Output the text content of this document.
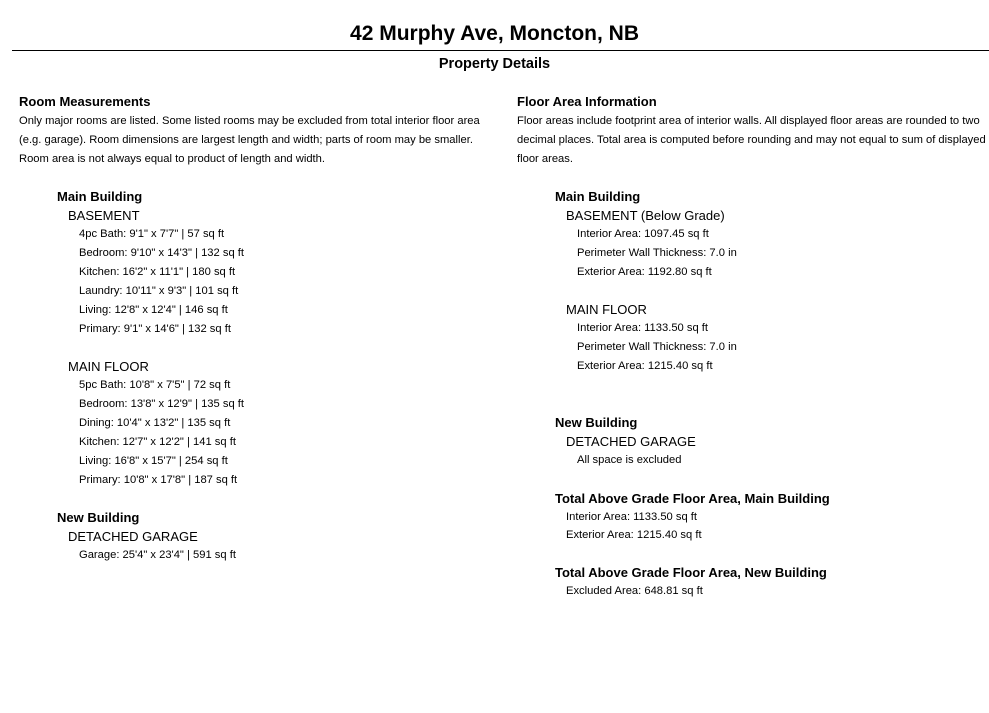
42 Murphy Ave, Moncton, NB
Property Details
Room Measurements
Only major rooms are listed. Some listed rooms may be excluded from total interior floor area
(e.g. garage). Room dimensions are largest length and width; parts of room may be smaller.
Room area is not always equal to product of length and width.
Main Building
BASEMENT
4pc Bath: 9'1" x 7'7" | 57 sq ft
Bedroom: 9'10" x 14'3" | 132 sq ft
Kitchen: 16'2" x 11'1" | 180 sq ft
Laundry: 10'11" x 9'3" | 101 sq ft
Living: 12'8" x 12'4" | 146 sq ft
Primary: 9'1" x 14'6" | 132 sq ft
MAIN FLOOR
5pc Bath: 10'8" x 7'5" | 72 sq ft
Bedroom: 13'8" x 12'9" | 135 sq ft
Dining: 10'4" x 13'2" | 135 sq ft
Kitchen: 12'7" x 12'2" | 141 sq ft
Living: 16'8" x 15'7" | 254 sq ft
Primary: 10'8" x 17'8" | 187 sq ft
New Building
DETACHED GARAGE
Garage: 25'4" x 23'4" | 591 sq ft
Floor Area Information
Floor areas include footprint area of interior walls. All displayed floor areas are rounded to two
decimal places. Total area is computed before rounding and may not equal to sum of displayed
floor areas.
Main Building
BASEMENT (Below Grade)
Interior Area: 1097.45 sq ft
Perimeter Wall Thickness: 7.0 in
Exterior Area: 1192.80 sq ft
MAIN FLOOR
Interior Area: 1133.50 sq ft
Perimeter Wall Thickness: 7.0 in
Exterior Area: 1215.40 sq ft
New Building
DETACHED GARAGE
All space is excluded
Total Above Grade Floor Area, Main Building
Interior Area: 1133.50 sq ft
Exterior Area: 1215.40 sq ft
Total Above Grade Floor Area, New Building
Excluded Area: 648.81 sq ft
